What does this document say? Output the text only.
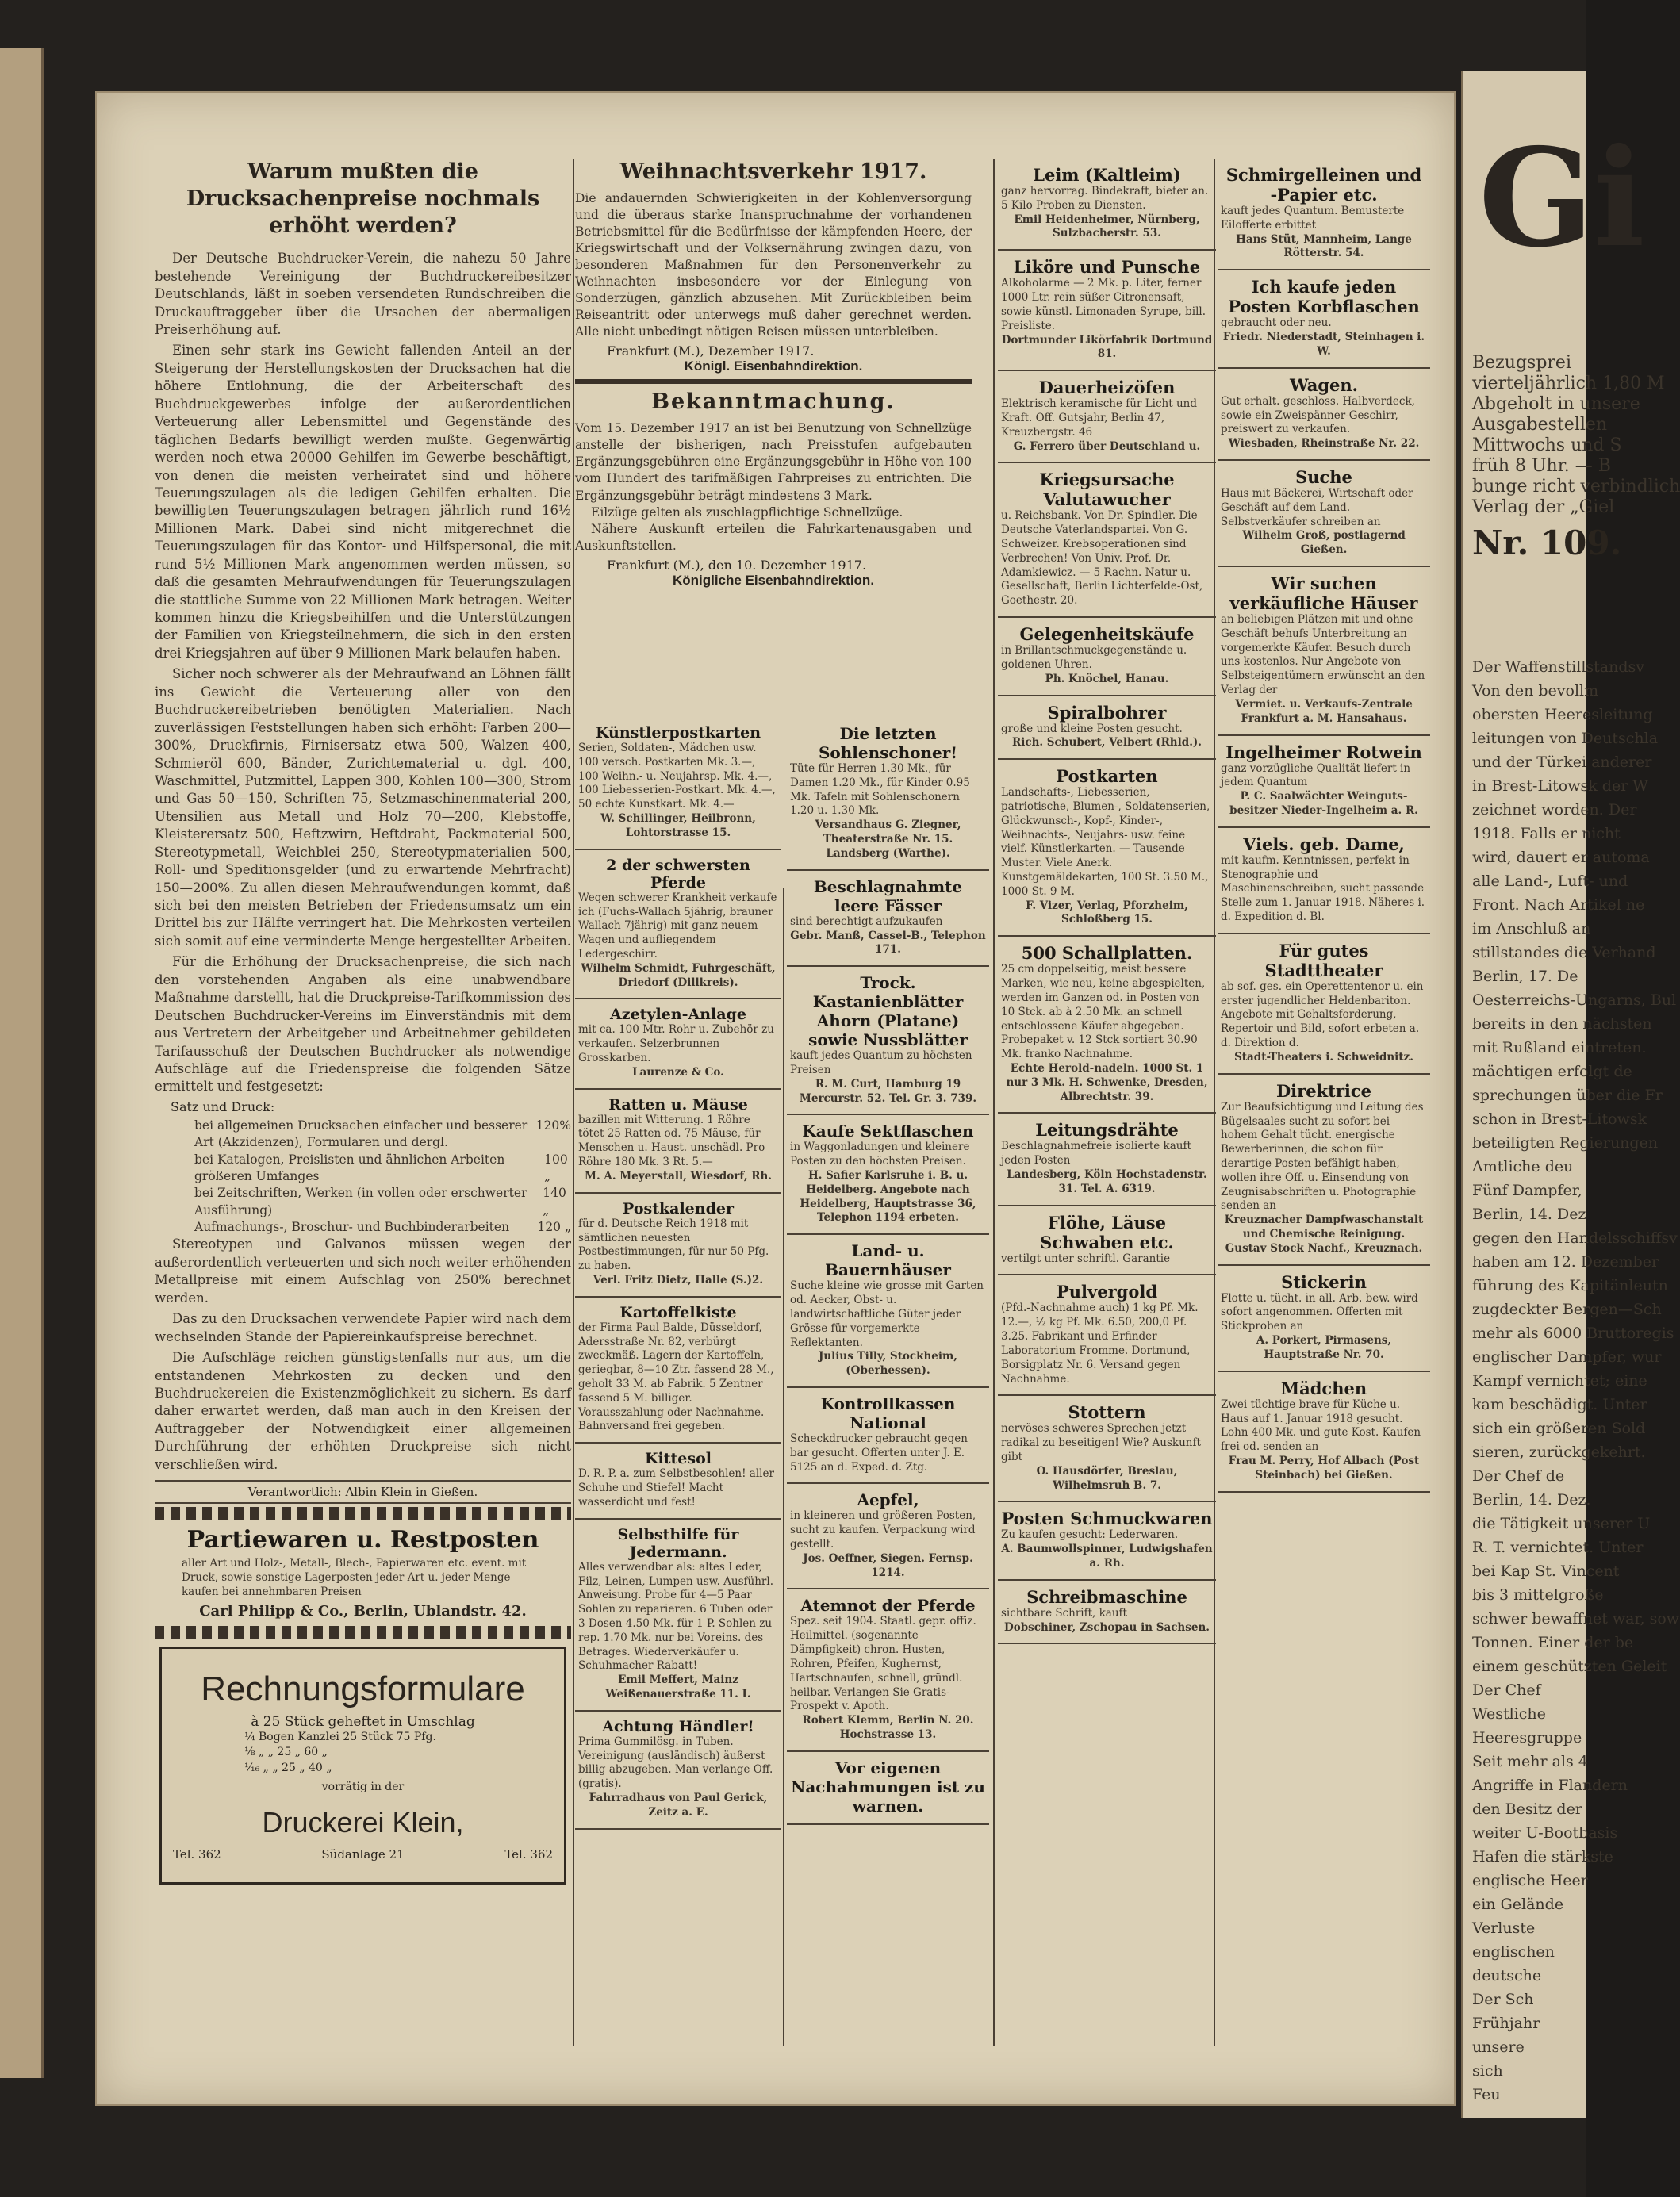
Gi
Bezugsprei
vierteljährlich 1,80 M
Abgeholt in unsere
Ausgabestellen
Mittwochs und S
früh 8 Uhr. — B
bunge richt verbindlich
Verlag der „Giel
Nr. 109.
Der Waffenstillstandsv
Von den bevollm
obersten Heeresleitung
leitungen von Deutschla
und der Türkei anderer
in Brest-Litowsk der W
zeichnet worden. Der
1918. Falls er nicht
wird, dauert er automa
alle Land-, Luft- und
Front. Nach Artikel ne
im Anschluß an
stillstandes die Verhand
Berlin, 17. De
Oesterreichs-Ungarns, Bul
bereits in den nächsten
mit Rußland eintreten.
mächtigen erfolgt de
sprechungen über die Fr
schon in Brest-Litowsk
beteiligten Regierungen
Amtliche deu
Fünf Dampfer,
Berlin, 14. Dez
gegen den Handelsschiffsv
haben am 12. Dezember
führung des Kapitänleutn
zugdeckter Bergen—Sch
mehr als 6000 Bruttoregis
englischer Dampfer, wur
Kampf vernichtet; eine
kam beschädigt. Unter
sich ein größeren Sold
sieren, zurückgekehrt.
Der Chef de
Berlin, 14. Dez.
die Tätigkeit unserer U
R. T. vernichtet. Unter
bei Kap St. Vincent
bis 3 mittelgroße
schwer bewaffnet war, sow
Tonnen. Einer der be
einem geschützten Geleit
Der Chef
Westliche
Heeresgruppe
Seit mehr als 4
Angriffe in Flandern
den Besitz der
weiter U-Bootbasis
Hafen die stärkste
englische Heer
ein Gelände
Verluste
englischen
deutsche
Der Sch
Frühjahr
unsere
sich
Feu
Warum mußten die Drucksachenpreise nochmals erhöht werden?

Der Deutsche Buchdrucker-Verein, die nahezu 50 Jahre bestehende Vereinigung der Buchdruckereibesitzer Deutschlands, läßt in soeben versendeten Rundschreiben die Druckauftraggeber über die Ursachen der abermaligen Preiserhöhung auf.

Einen sehr stark ins Gewicht fallenden Anteil an der Steigerung der Herstellungskosten der Drucksachen hat die höhere Entlohnung, die der Arbeiterschaft des Buchdruckgewerbes infolge der außerordentlichen Verteuerung aller Lebensmittel und Gegenstände des täglichen Bedarfs bewilligt werden mußte. Gegenwärtig werden noch etwa 20000 Gehilfen im Gewerbe beschäftigt, von denen die meisten verheiratet sind und höhere Teuerungszulagen als die ledigen Gehilfen erhalten. Die bewilligten Teuerungszulagen betragen jährlich rund 16½ Millionen Mark. Dabei sind nicht mitgerechnet die Teuerungszulagen für das Kontor- und Hilfspersonal, die mit rund 5½ Millionen Mark angenommen werden müssen, so daß die gesamten Mehraufwendungen für Teuerungszulagen die stattliche Summe von 22 Millionen Mark betragen. Weiter kommen hinzu die Kriegsbeihilfen und die Unterstützungen der Familien von Kriegsteilnehmern, die sich in den ersten drei Kriegsjahren auf über 9 Millionen Mark belaufen haben.

Sicher noch schwerer als der Mehraufwand an Löhnen fällt ins Gewicht die Verteuerung aller von den Buchdruckereibetrieben benötigten Materialien. Nach zuverlässigen Feststellungen haben sich erhöht: Farben 200—300%, Druckfirnis, Firnisersatz etwa 500, Walzen 400, Schmieröl 600, Bänder, Zurichtematerial u. dgl. 400, Waschmittel, Putzmittel, Lappen 300, Kohlen 100—300, Strom und Gas 50—150, Schriften 75, Setzmaschinenmaterial 200, Utensilien aus Metall und Holz 70—200, Klebstoffe, Kleisterersatz 500, Heftzwirn, Heftdraht, Packmaterial 500, Stereotypmetall, Weichblei 250, Stereotypmaterialien 500, Roll- und Speditionsgelder (und zu erwartende Mehrfracht) 150—200%. Zu allen diesen Mehraufwendungen kommt, daß sich bei den meisten Betrieben der Friedensumsatz um ein Drittel bis zur Hälfte verringert hat. Die Mehrkosten verteilen sich somit auf eine verminderte Menge hergestellter Arbeiten.

Für die Erhöhung der Drucksachenpreise, die sich nach den vorstehenden Angaben als eine unabwendbare Maßnahme darstellt, hat die Druckpreise-Tarifkommission des Deutschen Buchdrucker-Vereins im Einverständnis mit dem aus Vertretern der Arbeitgeber und Arbeitnehmer gebildeten Tarifausschuß der Deutschen Buchdrucker als notwendige Aufschläge auf die Friedenspreise die folgenden Sätze ermittelt und festgesetzt:

Satz und Druck:
bei allgemeinen Drucksachen einfacher und besserer Art (Akzidenzen), Formularen und dergl.
120%
bei Katalogen, Preislisten und ähnlichen Arbeiten größeren Umfanges
100 „
bei Zeitschriften, Werken (in vollen oder erschwerter Ausführung)
140 „
Aufmachungs-, Broschur- und Buchbinderarbeiten 120 „

Stereotypen und Galvanos müssen wegen der außerordentlich verteuerten und sich noch weiter erhöhenden Metallpreise mit einem Aufschlag von 250% berechnet werden.

Das zu den Drucksachen verwendete Papier wird nach dem wechselnden Stande der Papiereinkaufspreise berechnet.

Die Aufschläge reichen günstigstenfalls nur aus, um die entstandenen Mehrkosten zu decken und den Buchdruckereien die Existenzmöglichkeit zu sichern. Es darf daher erwartet werden, daß man auch in den Kreisen der Auftraggeber der Notwendigkeit einer allgemeinen Durchführung der erhöhten Druckpreise sich nicht verschließen wird.

Verantwortlich: Albin Klein in Gießen.
Partiewaren u. Restposten
aller Art und Holz-, Metall-, Blech-, Papierwaren etc. event. mit Druck, sowie sonstige Lagerposten jeder Art u. jeder Menge kaufen bei annehmbaren Preisen
Carl Philipp & Co., Berlin, Ublandstr. 42.
Rechnungsformulare
à 25 Stück geheftet in Umschlag
¼ Bogen Kanzlei 25 Stück 75 Pfg.
⅛ „ „ 25 „ 60 „
⅟₁₆ „ „ 25 „ 40 „
vorrätig in der
Druckerei Klein,
Tel. 362	Südanlage 21	Tel. 362
Weihnachtsverkehr 1917.
Die andauernden Schwierigkeiten in der Kohlenversorgung und die überaus starke Inanspruchnahme der vorhandenen Betriebsmittel für die Bedürfnisse der kämpfenden Heere, der Kriegswirtschaft und der Volksernährung zwingen dazu, von besonderen Maßnahmen für den Personenverkehr zu Weihnachten insbesondere vor der Einlegung von Sonderzügen, gänzlich abzusehen. Mit Zurückbleiben beim Reiseantritt oder unterwegs muß daher gerechnet werden. Alle nicht unbedingt nötigen Reisen müssen unterbleiben.
Frankfurt (M.), Dezember 1917.
Königl. Eisenbahndirektion.
Bekanntmachung.
Vom 15. Dezember 1917 an ist bei Benutzung von Schnellzüge anstelle der bisherigen, nach Preisstufen aufgebauten Ergänzungsgebühren eine Ergänzungsgebühr in Höhe von 100 vom Hundert des tarifmäßigen Fahrpreises zu entrichten. Die Ergänzungsgebühr beträgt mindestens 3 Mark.
Eilzüge gelten als zuschlagpflichtige Schnellzüge.
Nähere Auskunft erteilen die Fahrkartenausgaben und Auskunftstellen.
Frankfurt (M.), den 10. Dezember 1917.
Königliche Eisenbahndirektion.
Künstlerpostkarten
Serien, Soldaten-, Mädchen usw. 100 versch. Postkarten Mk. 3.—, 100 Weihn.- u. Neujahrsp. Mk. 4.—, 100 Liebesserien-Postkart. Mk. 4.—, 50 echte Kunstkart. Mk. 4.—
W. Schillinger, Heilbronn, Lohtorstrasse 15.
2 der schwersten Pferde
Wegen schwerer Krankheit verkaufe ich (Fuchs-Wallach 5jährig, brauner Wallach 7jährig) mit ganz neuem Wagen und aufliegendem Ledergeschirr.
Wilhelm Schmidt, Fuhrgeschäft, Driedorf (Dillkreis).
Azetylen-Anlage
mit ca. 100 Mtr. Rohr u. Zubehör zu verkaufen. Selzerbrunnen Grosskarben.
Laurenze & Co.
Ratten u. Mäuse
bazillen mit Witterung. 1 Röhre tötet 25 Ratten od. 75 Mäuse, für Menschen u. Haust. unschädl. Pro Röhre 180 Mk. 3 Rt. 5.—
M. A. Meyerstall, Wiesdorf, Rh.
Postkalender
für d. Deutsche Reich 1918 mit sämtlichen neuesten Postbestimmungen, für nur 50 Pfg. zu haben.
Verl. Fritz Dietz, Halle (S.)2.
Kartoffelkiste
der Firma Paul Balde, Düsseldorf, Adersstraße Nr. 82, verbürgt zweckmäß. Lagern der Kartoffeln, geriegbar, 8—10 Ztr. fassend 28 M., geholt 33 M. ab Fabrik. 5 Zentner fassend 5 M. billiger. Vorausszahlung oder Nachnahme. Bahnversand frei gegeben.
Kittesol
D. R. P. a. zum Selbstbesohlen! aller Schuhe und Stiefel! Macht wasserdicht und fest!
Selbsthilfe für Jedermann.
Alles verwendbar als: altes Leder, Filz, Leinen, Lumpen usw. Ausführl. Anweisung. Probe für 4—5 Paar Sohlen zu reparieren. 6 Tuben oder 3 Dosen 4.50 Mk. für 1 P. Sohlen zu rep. 1.70 Mk. nur bei Voreins. des Betrages. Wiederverkäufer u. Schuhmacher Rabatt!
Emil Meffert, Mainz Weißenauerstraße 11. I.
Achtung Händler!
Prima Gummilösg. in Tuben. Vereinigung (ausländisch) äußerst billig abzugeben. Man verlange Off. (gratis).
Fahrradhaus von Paul Gerick, Zeitz a. E.
Die letzten Sohlenschoner!
Tüte für Herren 1.30 Mk., für Damen 1.20 Mk., für Kinder 0.95 Mk. Tafeln mit Sohlenschonern 1.20 u. 1.30 Mk.
Versandhaus G. Ziegner, Theaterstraße Nr. 15. Landsberg (Warthe).
Beschlagnahmte leere Fässer
sind berechtigt aufzukaufen
Gebr. Manß, Cassel-B., Telephon 171.
Trock. Kastanienblätter Ahorn (Platane) sowie Nussblätter
kauft jedes Quantum zu höchsten Preisen
R. M. Curt, Hamburg 19 Mercurstr. 52. Tel. Gr. 3. 739.
Kaufe Sektflaschen
in Waggonladungen und kleinere Posten zu den höchsten Preisen.
H. Safier Karlsruhe i. B. u. Heidelberg. Angebote nach Heidelberg, Hauptstrasse 36, Telephon 1194 erbeten.
Land- u. Bauernhäuser
Suche kleine wie grosse mit Garten od. Aecker, Obst- u. landwirtschaftliche Güter jeder Grösse für vorgemerkte Reflektanten.
Julius Tilly, Stockheim, (Oberhessen).
Kontrollkassen National
Scheckdrucker gebraucht gegen bar gesucht. Offerten unter J. E. 5125 an d. Exped. d. Ztg.
Aepfel,
in kleineren und größeren Posten, sucht zu kaufen. Verpackung wird gestellt.
Jos. Oeffner, Siegen. Fernsp. 1214.
Atemnot der Pferde
Spez. seit 1904. Staatl. gepr. offiz. Heilmittel. (sogenannte Dämpfigkeit) chron. Husten, Rohren, Pfeifen, Kughernst, Hartschnaufen, schnell, gründl. heilbar. Verlangen Sie Gratis-Prospekt v. Apoth.
Robert Klemm, Berlin N. 20. Hochstrasse 13.
Vor eigenen Nachahmungen ist zu warnen.
Leim (Kaltleim)
ganz hervorrag. Bindekraft, bieter an. 5 Kilo Proben zu Diensten.
Emil Heidenheimer, Nürnberg, Sulzbacherstr. 53.
Liköre und Punsche
Alkoholarme — 2 Mk. p. Liter, ferner 1000 Ltr. rein süßer Citronensaft, sowie künstl. Limonaden-Syrupe, bill. Preisliste.
Dortmunder Likörfabrik Dortmund 81.
Dauerheizöfen
Elektrisch keramische für Licht und Kraft. Off. Gutsjahr, Berlin 47, Kreuzbergstr. 46
G. Ferrero über Deutschland u.
Kriegsursache Valutawucher
u. Reichsbank. Von Dr. Spindler. Die Deutsche Vaterlandspartei. Von G. Schweizer. Krebsoperationen sind Verbrechen! Von Univ. Prof. Dr. Adamkiewicz. — 5 Rachn. Natur u. Gesellschaft, Berlin Lichterfelde-Ost, Goethestr. 20.
Gelegenheitskäufe
in Brillantschmuckgegenstände u. goldenen Uhren.
Ph. Knöchel, Hanau.
Spiralbohrer
große und kleine Posten gesucht.
Rich. Schubert, Velbert (Rhld.).
Postkarten
Landschafts-, Liebesserien, patriotische, Blumen-, Soldatenserien, Glückwunsch-, Kopf-, Kinder-, Weihnachts-, Neujahrs- usw. feine vielf. Künstlerkarten. — Tausende Muster. Viele Anerk. Kunstgemäldekarten, 100 St. 3.50 M., 1000 St. 9 M.
F. Vizer, Verlag, Pforzheim, Schloßberg 15.
500 Schallplatten.
25 cm doppelseitig, meist bessere Marken, wie neu, keine abgespielten, werden im Ganzen od. in Posten von 10 Stck. ab à 2.50 Mk. an schnell entschlossene Käufer abgegeben. Probepaket v. 12 Stck sortiert 30.90 Mk. franko Nachnahme.
Echte Herold-nadeln. 1000 St. 1 nur 3 Mk. H. Schwenke, Dresden, Albrechtstr. 39.
Leitungsdrähte
Beschlagnahmefreie isolierte kauft jeden Posten
Landesberg, Köln Hochstadenstr. 31. Tel. A. 6319.
Flöhe, Läuse Schwaben etc.
vertilgt unter schriftl. Garantie
Pulvergold
(Pfd.-Nachnahme auch) 1 kg Pf. Mk. 12.—, ½ kg Pf. Mk. 6.50, 200,0 Pf. 3.25. Fabrikant und Erfinder Laboratorium Fromme. Dortmund, Borsigplatz Nr. 6. Versand gegen Nachnahme.
Stottern
nervöses schweres Sprechen jetzt radikal zu beseitigen! Wie? Auskunft gibt
O. Hausdörfer, Breslau, Wilhelmsruh B. 7.
Posten Schmuckwaren
Zu kaufen gesucht: Lederwaren.
A. Baumwollspinner, Ludwigshafen a. Rh.
Schreibmaschine
sichtbare Schrift, kauft
Dobschiner, Zschopau in Sachsen.
Schmirgelleinen und -Papier etc.
kauft jedes Quantum. Bemusterte Eilofferte erbittet
Hans Stüt, Mannheim, Lange Rötterstr. 54.
Ich kaufe jeden Posten Korbflaschen
gebraucht oder neu.
Friedr. Niederstadt, Steinhagen i. W.
Wagen.
Gut erhalt. geschloss. Halbverdeck, sowie ein Zweispänner-Geschirr, preiswert zu verkaufen.
Wiesbaden, Rheinstraße Nr. 22.
Suche
Haus mit Bäckerei, Wirtschaft oder Geschäft auf dem Land. Selbstverkäufer schreiben an
Wilhelm Groß, postlagernd Gießen.
Wir suchen verkäufliche Häuser
an beliebigen Plätzen mit und ohne Geschäft behufs Unterbreitung an vorgemerkte Käufer. Besuch durch uns kostenlos. Nur Angebote von Selbsteigentümern erwünscht an den Verlag der
Vermiet. u. Verkaufs-Zentrale Frankfurt a. M. Hansahaus.
Ingelheimer Rotwein
ganz vorzügliche Qualität liefert in jedem Quantum
P. C. Saalwächter Weinguts-besitzer Nieder-Ingelheim a. R.
Viels. geb. Dame,
mit kaufm. Kenntnissen, perfekt in Stenographie und Maschinenschreiben, sucht passende Stelle zum 1. Januar 1918. Näheres i. d. Expedition d. Bl.
Für gutes Stadttheater
ab sof. ges. ein Operettentenor u. ein erster jugendlicher Heldenbariton. Angebote mit Gehaltsforderung, Repertoir und Bild, sofort erbeten a. d. Direktion d.
Stadt-Theaters i. Schweidnitz.
Direktrice
Zur Beaufsichtigung und Leitung des Bügelsaales sucht zu sofort bei hohem Gehalt tücht. energische Bewerberinnen, die schon für derartige Posten befähigt haben, wollen ihre Off. u. Einsendung von Zeugnisabschriften u. Photographie senden an
Kreuznacher Dampfwaschanstalt und Chemische Reinigung. Gustav Stock Nachf., Kreuznach.
Stickerin
Flotte u. tücht. in all. Arb. bew. wird sofort angenommen. Offerten mit Stickproben an
A. Porkert, Pirmasens, Hauptstraße Nr. 70.
Mädchen
Zwei tüchtige brave für Küche u. Haus auf 1. Januar 1918 gesucht. Lohn 400 Mk. und gute Kost. Kaufen frei od. senden an
Frau M. Perry, Hof Albach (Post Steinbach) bei Gießen.
